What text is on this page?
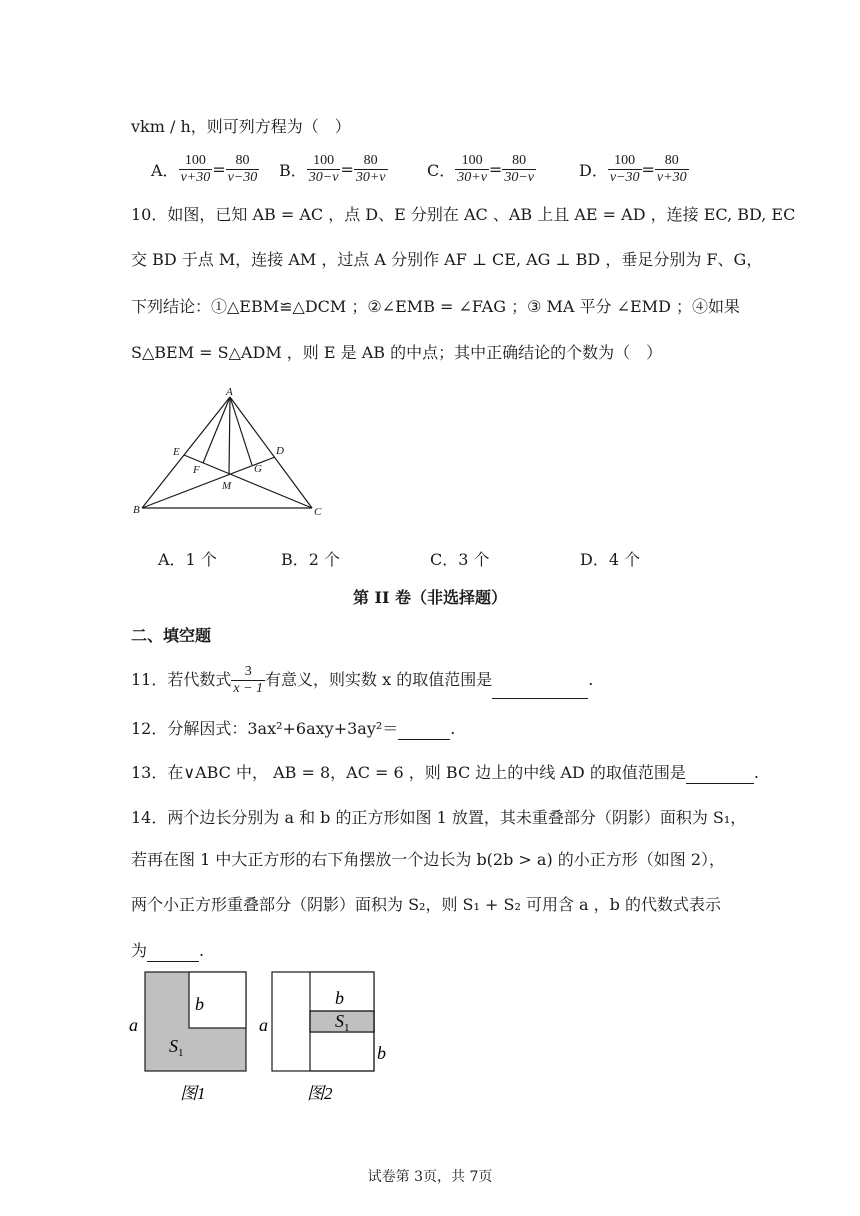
vkm / h，则可列方程为（　）
A． $\frac{100}{v+30} = \frac{80}{v-30}$ B． $\frac{100}{30-v} = \frac{80}{30+v}$ C． $\frac{100}{30+v} = \frac{80}{30-v}$	D． $\frac{100}{v-30} = \frac{80}{v+30}$
10．如图，已知 AB = AC ，点 D、E 分别在 AC 、AB 上且 AE = AD ，连接 EC, BD, EC
交 BD 于点 M，连接 AM ，过点 A 分别作 AF ⊥ CE, AG ⊥ BD ，垂足分别为 F、G，
下列结论：①△EBM≌△DCM ；②∠EMB = ∠FAG ；③ MA 平分 ∠EMD ；④如果
S△BEM = S△ADM ，则 E 是 AB 的中点；其中正确结论的个数为（　）
A
B	C
D
E
F	G
M
A．1 个	B．2 个	C．3 个	D．4 个
第 II 卷（非选择题）
二、填空题
11．若代数式 $\frac{3}{x - 1}$ 有意义，则实数 x 的取值范围是	.
12．分解因式：3ax²+6axy+3ay²＝	.
13．在∨ABC 中， AB = 8，AC = 6 ，则 BC 边上的中线 AD 的取值范围是	.
14．两个边长分别为 a 和 b 的正方形如图 1 放置，其未重叠部分（阴影）面积为 S₁，
若再在图 1 中大正方形的右下角摆放一个边长为 b(2b > a) 的小正方形（如图 2），
两个小正方形重叠部分（阴影）面积为 S₂，则 S₁ + S₂ 可用含 a ，b 的代数式表示
为	.
b
a
$S_1$
图1
b
a	$S_1$
b
图2
试卷第 3页，共 7页
